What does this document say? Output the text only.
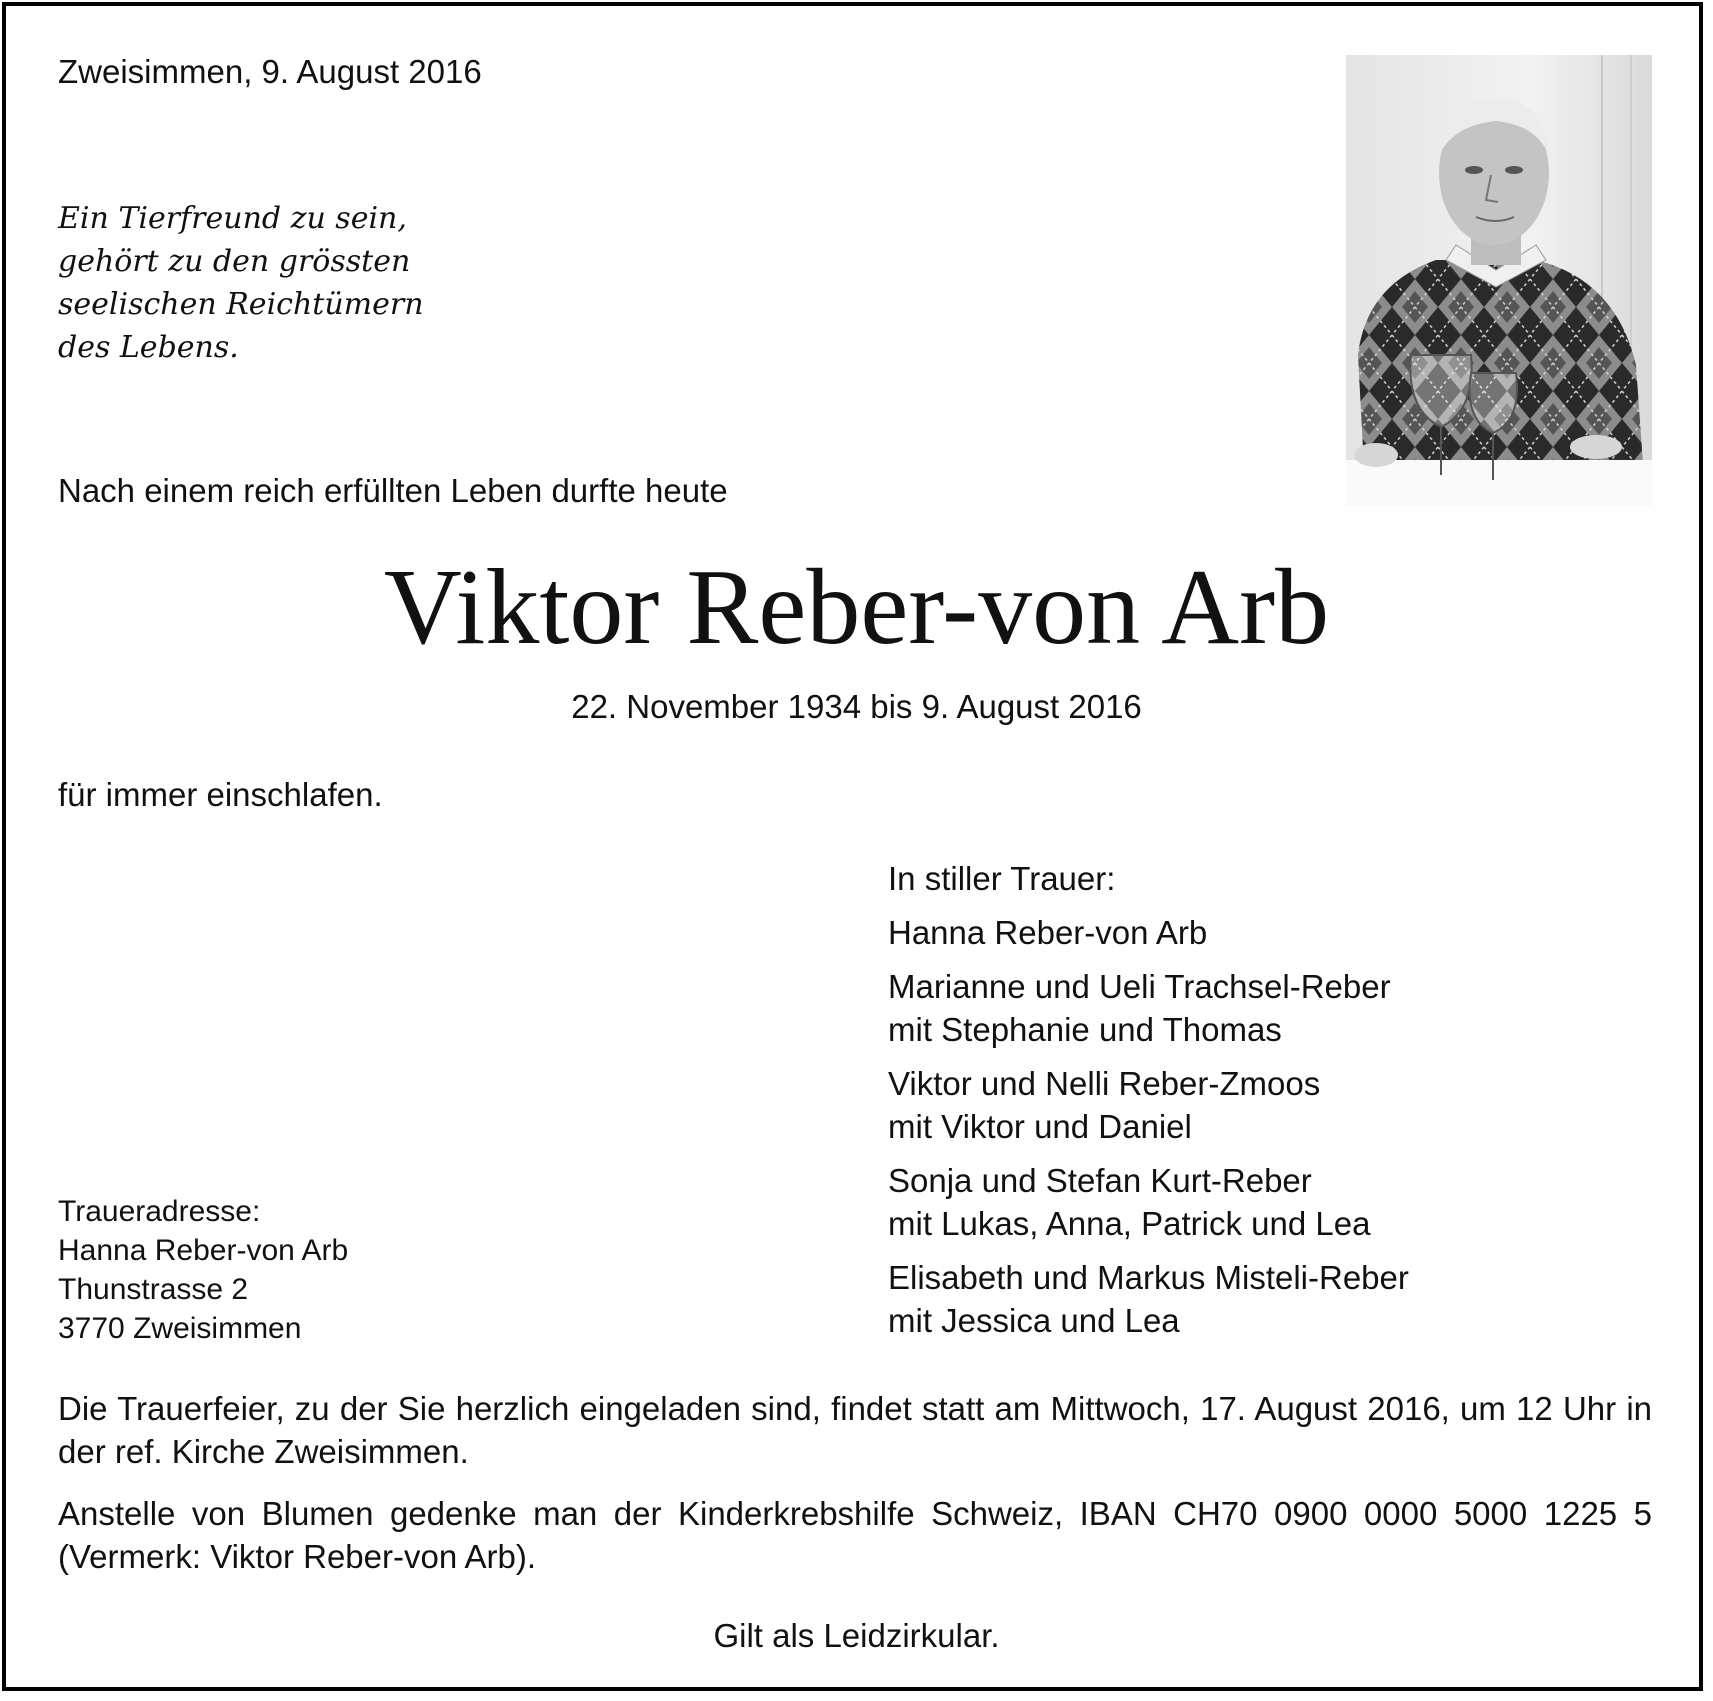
Zweisimmen, 9. August 2016
Ein Tierfreund zu sein,
gehört zu den grössten
seelischen Reichtümern
des Lebens.
Nach einem reich erfüllten Leben durfte heute
Viktor Reber-von Arb
22. November 1934 bis 9. August 2016
für immer einschlafen.
In stiller Trauer:
Hanna Reber-von Arb
Marianne und Ueli Trachsel-Reber
mit Stephanie und Thomas
Viktor und Nelli Reber-Zmoos
mit Viktor und Daniel
Sonja und Stefan Kurt-Reber
mit Lukas, Anna, Patrick und Lea
Elisabeth und Markus Misteli-Reber
mit Jessica und Lea
Traueradresse:
Hanna Reber-von Arb
Thunstrasse 2
3770 Zweisimmen
Die Trauerfeier, zu der Sie herzlich eingeladen sind, findet statt am Mittwoch, 17. August 2016, um 12 Uhr in der ref. Kirche Zweisimmen.
Anstelle von Blumen gedenke man der Kinderkrebshilfe Schweiz, IBAN CH70 0900 0000 5000 1225 5 (Vermerk: Viktor Reber-von Arb).
Gilt als Leidzirkular.
